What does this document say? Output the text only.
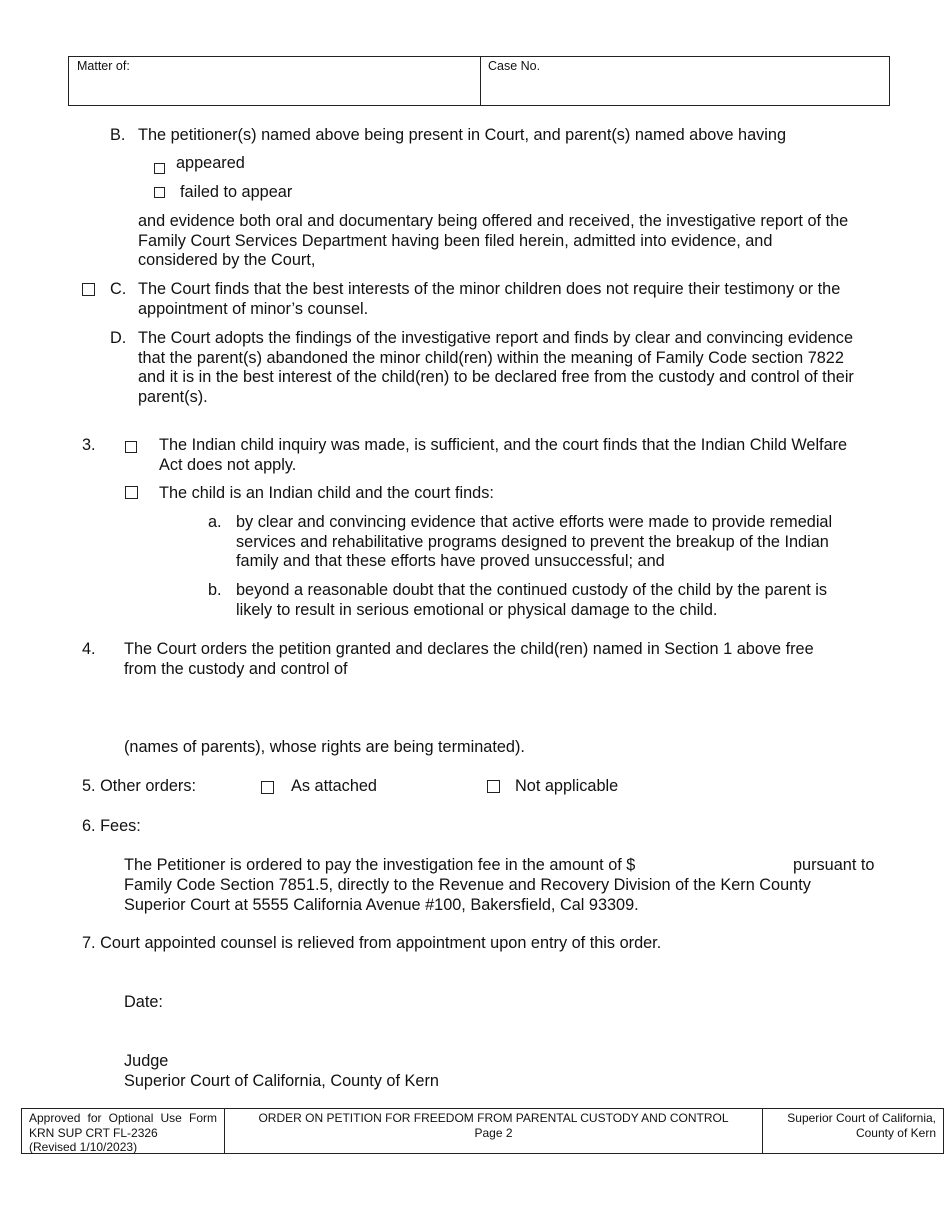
Matter of:	Case No.
B. The petitioner(s) named above being present in Court, and parent(s) named above having
appeared
failed to appear
and evidence both oral and documentary being offered and received, the investigative report of the
Family Court Services Department having been filed herein, admitted into evidence, and
considered by the Court,
C. The Court finds that the best interests of the minor children does not require their testimony or the
appointment of minor’s counsel.
D. The Court adopts the findings of the investigative report and finds by clear and convincing evidence
that the parent(s) abandoned the minor child(ren) within the meaning of Family Code section 7822
and it is in the best interest of the child(ren) to be declared free from the custody and control of their
parent(s).
3.	The Indian child inquiry was made, is sufficient, and the court finds that the Indian Child Welfare
Act does not apply.
The child is an Indian child and the court finds:
a. by clear and convincing evidence that active efforts were made to provide remedial
services and rehabilitative programs designed to prevent the breakup of the Indian
family and that these efforts have proved unsuccessful; and
b. beyond a reasonable doubt that the continued custody of the child by the parent is
likely to result in serious emotional or physical damage to the child.
4. The Court orders the petition granted and declares the child(ren) named in Section 1 above free
from the custody and control of
(names of parents), whose rights are being terminated).
5. Other orders:	As attached	Not applicable
6. Fees:
The Petitioner is ordered to pay the investigation fee in the amount of $	pursuant to
Family Code Section 7851.5, directly to the Revenue and Recovery Division of the Kern County
Superior Court at 5555 California Avenue #100, Bakersfield, Cal 93309.
7. Court appointed counsel is relieved from appointment upon entry of this order.
Date:
Judge
Superior Court of California, County of Kern
Approved for Optional Use Form
KRN SUP CRT FL-2326
(Revised 1/10/2023)
ORDER ON PETITION FOR FREEDOM FROM PARENTAL CUSTODY AND CONTROL
Page 2
Superior Court of California,
County of Kern
